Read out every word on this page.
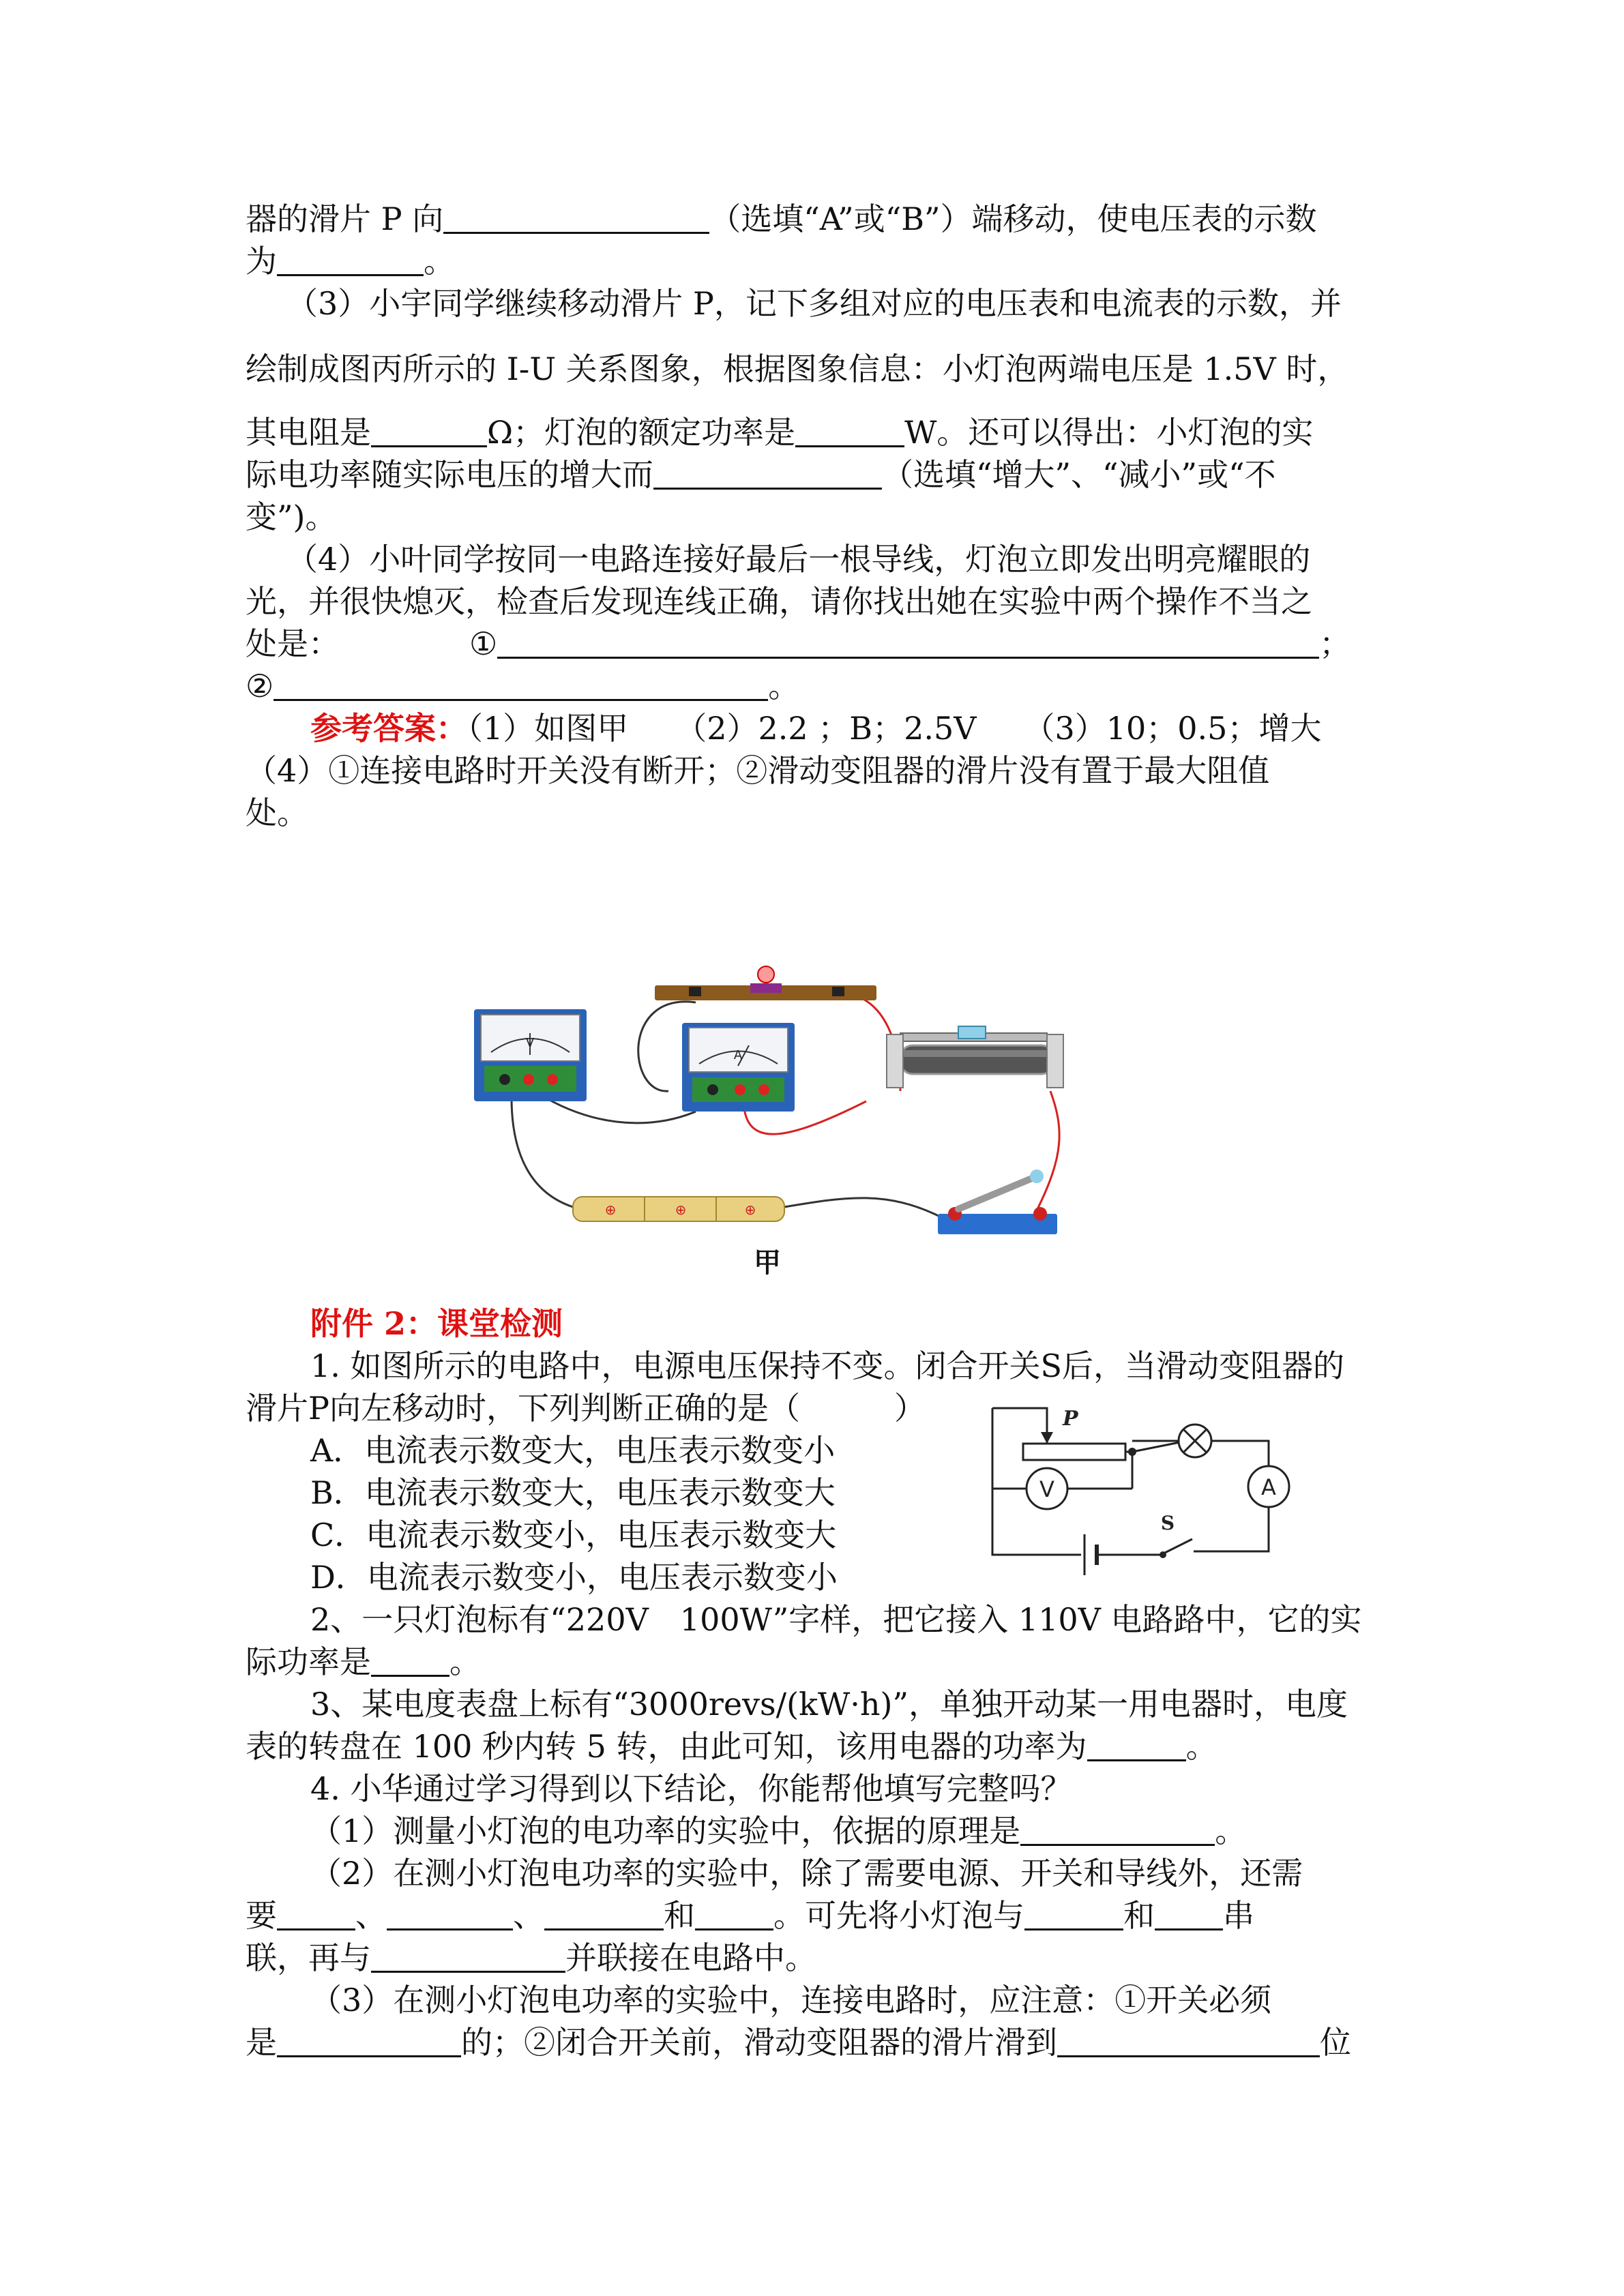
器的滑片 P 向	（选填“A”或“B”）端移动，使电压表的示数
为	。
（3）小宇同学继续移动滑片 P，记下多组对应的电压表和电流表的示数，并
绘制成图丙所示的 I-U 关系图象，根据图象信息：小灯泡两端电压是 1.5V 时，
其电阻是	Ω；灯泡的额定功率是	W。还可以得出：小灯泡的实
际电功率随实际电压的增大而	（选填“增大”、“减小”或“不
变”)。
（4）小叶同学按同一电路连接好最后一根导线，灯泡立即发出明亮耀眼的
光，并很快熄灭，检查后发现连线正确，请你找出她在实验中两个操作不当之
处是：	①	；
②	。
参考答案：（1）如图甲　　（2）2.2 ；B；2.5V　　（3）10；0.5；增大
（4）①连接电路时开关没有断开；②滑动变阻器的滑片没有置于最大阻值
处。
V
A
⊕	⊕	⊕
甲
附件 2：课堂检测
1. 如图所示的电路中，电源电压保持不变。闭合开关S后，当滑动变阻器的
滑片P向左移动时，下列判断正确的是（　　　）
A．电流表示数变大，电压表示数变小
B．电流表示数变大，电压表示数变大
C．电流表示数变小，电压表示数变大
D．电流表示数变小，电压表示数变小
P
V	A
S
2、一只灯泡标有“220V　100W”字样，把它接入 110V 电路路中，它的实
际功率是	。
3、某电度表盘上标有“3000revs/(kW·h)”，单独开动某一用电器时，电度
表的转盘在 100 秒内转 5 转，由此可知，该用电器的功率为	。
4. 小华通过学习得到以下结论，你能帮他填写完整吗？
（1）测量小灯泡的电功率的实验中，依据的原理是	。
（2）在测小灯泡电功率的实验中，除了需要电源、开关和导线外，还需
要	、	、	和	。可先将小灯泡与	和 串
联，再与	并联接在电路中。
（3）在测小灯泡电功率的实验中，连接电路时，应注意：①开关必须
是	的；②闭合开关前，滑动变阻器的滑片滑到	位
